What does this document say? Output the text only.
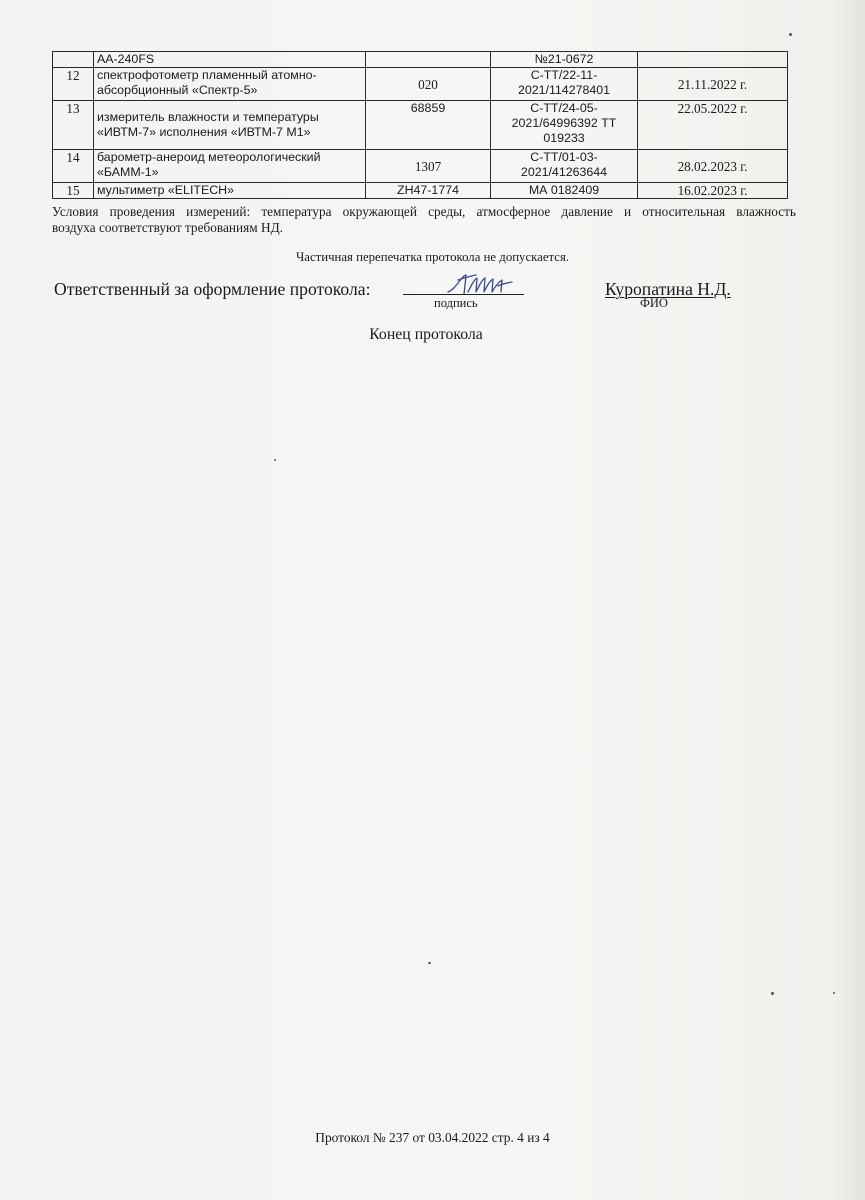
	АА-240FS		№21-0672	
12	спектрофотометр пламенный атомно-абсорбционный «Спектр-5»	020	С-ТТ/22-11-2021/114278401	21.11.2022 г.
13	измеритель влажности и температуры «ИВТМ-7» исполнения «ИВТМ-7 М1»	68859	С-ТТ/24-05-2021/64996392 ТТ 019233	22.05.2022 г.
14	барометр-анероид метеорологический «БАММ-1»	1307	С-ТТ/01-03-2021/41263644	28.02.2023 г.
15	мультиметр «ELITECH»	ZH47-1774	МА 0182409	16.02.2023 г.
Условия проведения измерений: температура окружающей среды, атмосферное давление и относительная влажность
воздуха соответствуют требованиям НД.
Частичная перепечатка протокола не допускается.
Ответственный за оформление протокола:
подпись
Куропатина Н.Д.
ФИО
Конец протокола
Протокол № 237 от 03.04.2022 стр. 4 из 4
